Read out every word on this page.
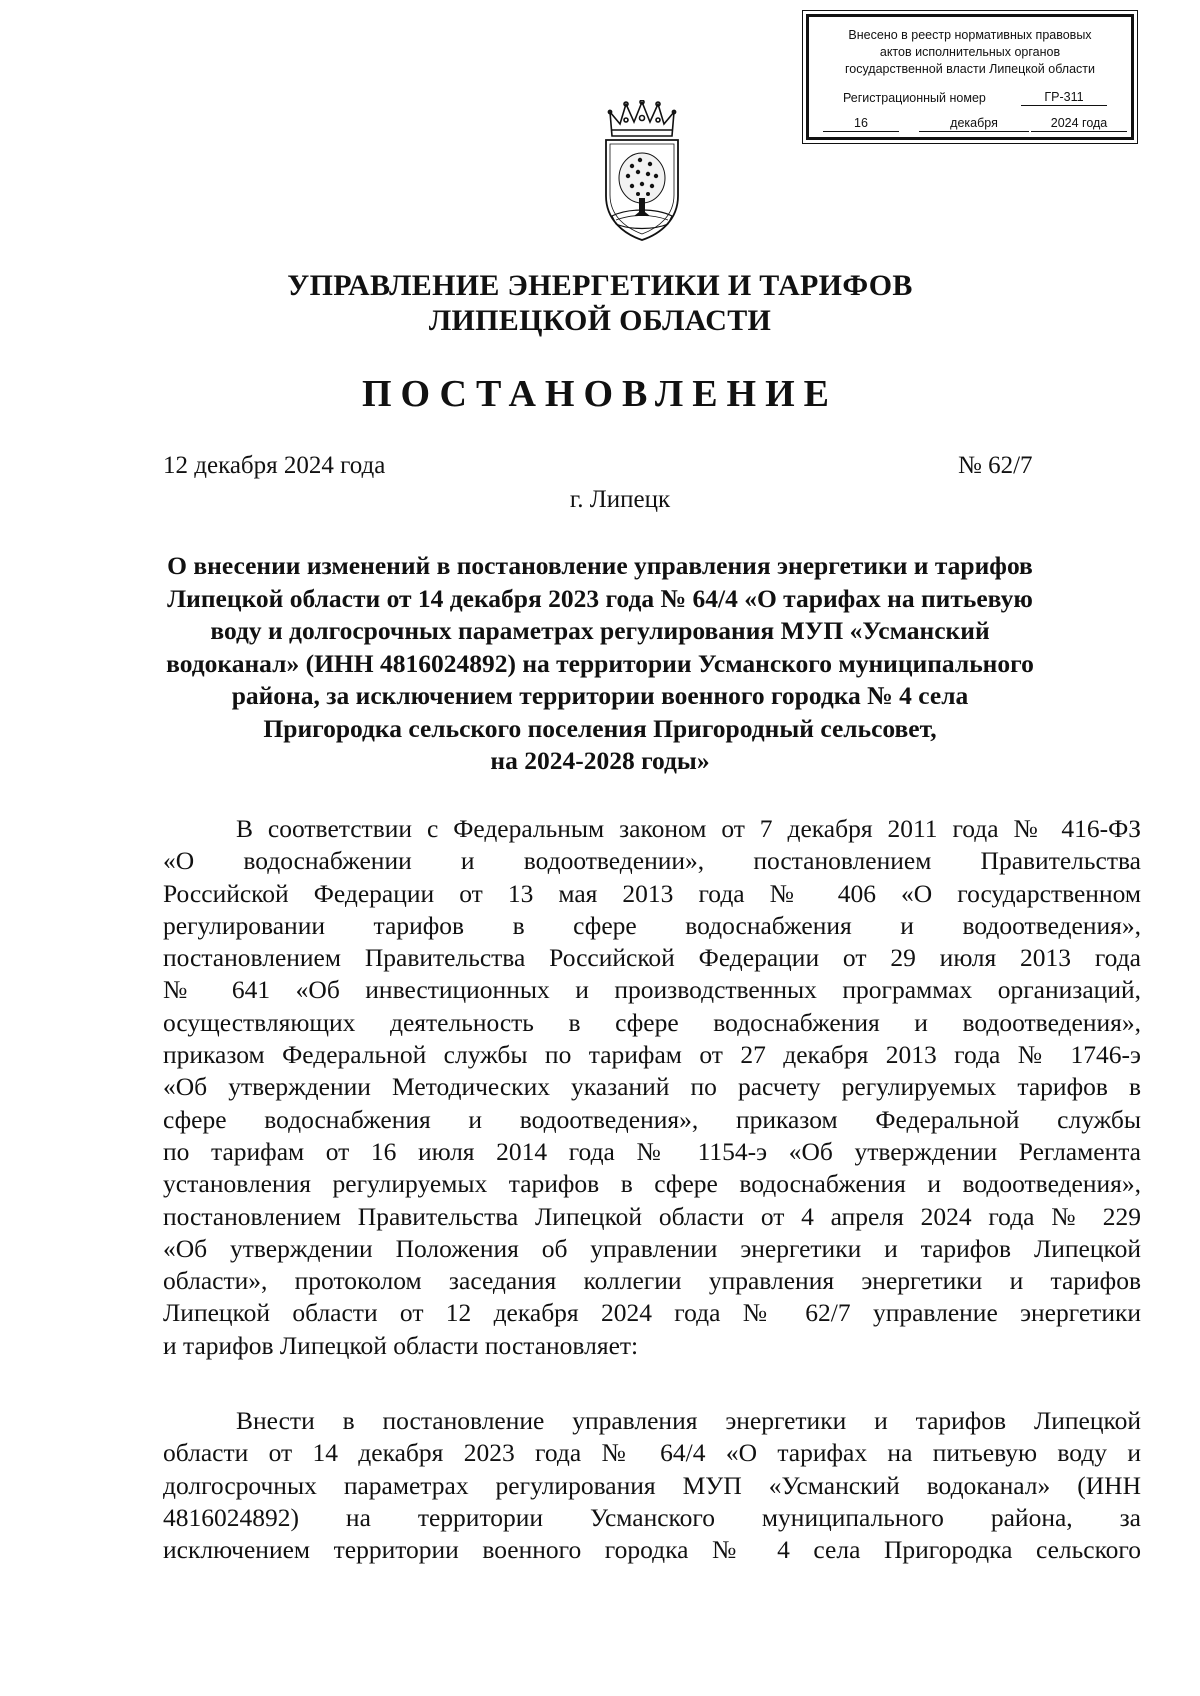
Внесено в реестр нормативных правовых
актов исполнительных органов
государственной власти Липецкой области
Регистрационный номер	ГР-311
16	декабря	2024 года
УПРАВЛЕНИЕ ЭНЕРГЕТИКИ И ТАРИФОВ
ЛИПЕЦКОЙ ОБЛАСТИ
ПОСТАНОВЛЕНИЕ
12 декабря 2024 года	№ 62/7
г. Липецк
О внесении изменений в постановление управления энергетики и тарифов
Липецкой области от 14 декабря 2023 года № 64/4 «О тарифах на питьевую
воду и долгосрочных параметрах регулирования МУП «Усманский
водоканал» (ИНН 4816024892) на территории Усманского муниципального
района, за исключением территории военного городка № 4 села
Пригородка сельского поселения Пригородный сельсовет,
на 2024-2028 годы»
В соответствии с Федеральным законом от 7 декабря 2011 года № 416-ФЗ
«О водоснабжении и водоотведении», постановлением Правительства
Российской Федерации от 13 мая 2013 года № 406 «О государственном
регулировании тарифов в сфере водоснабжения и водоотведения»,
постановлением Правительства Российской Федерации от 29 июля 2013 года
№ 641 «Об инвестиционных и производственных программах организаций,
осуществляющих деятельность в сфере водоснабжения и водоотведения»,
приказом Федеральной службы по тарифам от 27 декабря 2013 года № 1746-э
«Об утверждении Методических указаний по расчету регулируемых тарифов в
сфере водоснабжения и водоотведения», приказом Федеральной службы
по тарифам от 16 июля 2014 года № 1154-э «Об утверждении Регламента
установления регулируемых тарифов в сфере водоснабжения и водоотведения»,
постановлением Правительства Липецкой области от 4 апреля 2024 года № 229
«Об утверждении Положения об управлении энергетики и тарифов Липецкой
области», протоколом заседания коллегии управления энергетики и тарифов
Липецкой области от 12 декабря 2024 года № 62/7 управление энергетики
и тарифов Липецкой области постановляет:
Внести в постановление управления энергетики и тарифов Липецкой
области от 14 декабря 2023 года № 64/4 «О тарифах на питьевую воду и
долгосрочных параметрах регулирования МУП «Усманский водоканал» (ИНН
4816024892) на территории Усманского муниципального района, за
исключением территории военного городка № 4 села Пригородка сельского
